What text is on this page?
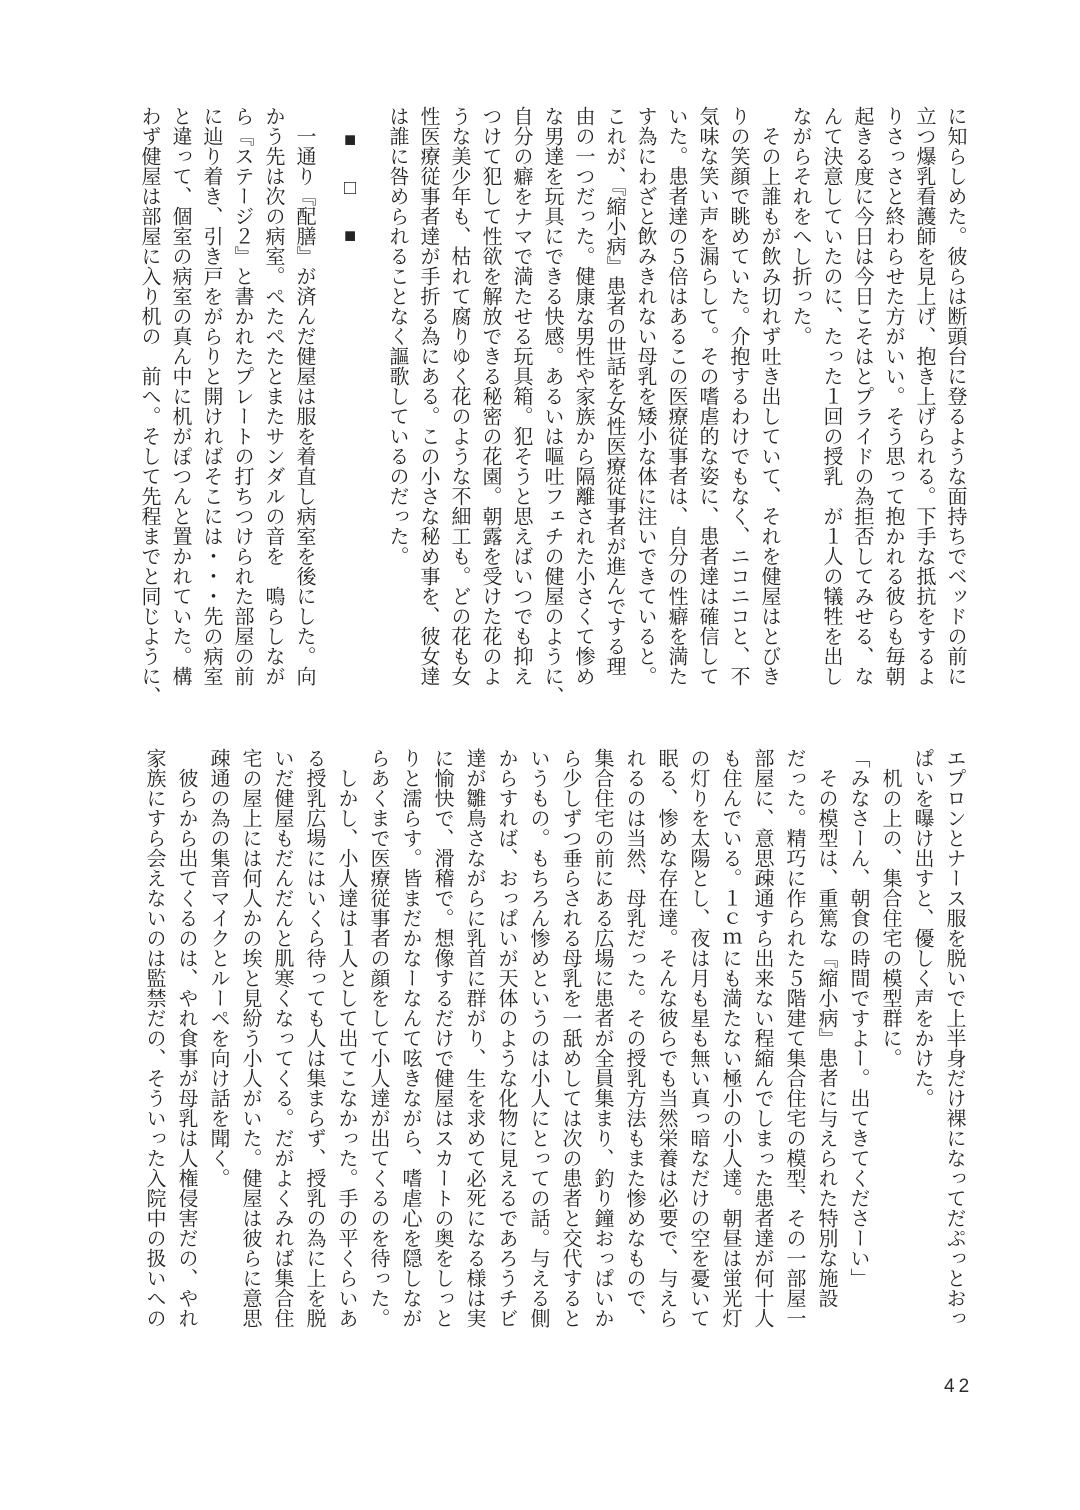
に知らしめた。彼らは断頭台に登るような面持ちでベッドの前に
立つ爆乳看護師を見上げ、抱き上げられる。下手な抵抗をするよ
りさっさと終わらせた方がいい。そう思って抱かれる彼らも毎朝
起きる度に今日は今日こそはとプライドの為拒否してみせる、な
んて決意していたのに、たった１回の授乳　が１人の犠牲を出し
ながらそれをへし折った。
　その上誰もが飲み切れず吐き出していて、それを健屋はとびき
りの笑顔で眺めていた。介抱するわけでもなく、ニコニコと、不
気味な笑い声を漏らして。その嗜虐的な姿に、患者達は確信して
いた。患者達の５倍はあるこの医療従事者は、自分の性癖を満た
す為にわざと飲みきれない母乳を矮小な体に注いできていると。
これが、『縮小病』患者の世話を女性医療従事者が進んでする理
由の一つだった。健康な男性や家族から隔離された小さくて惨め
な男達を玩具にできる快感。あるいは嘔吐フェチの健屋のように、
自分の癖をナマで満たせる玩具箱。犯そうと思えばいつでも抑え
つけて犯して性欲を解放できる秘密の花園。朝露を受けた花のよ
うな美少年も、枯れて腐りゆく花のような不細工も。どの花も女
性医療従事者達が手折る為にある。この小さな秘め事を、彼女達
は誰に咎められることなく謳歌しているのだった。
　■　□　■
　一通り『配膳』が済んだ健屋は服を着直し病室を後にした。向
かう先は次の病室。ぺたぺたとまたサンダルの音を　鳴らしなが
ら『ステージ２』と書かれたプレートの打ちつけられた部屋の前
に辿り着き、引き戸をがらりと開ければそこには・・・先の病室
と違って、個室の病室の真ん中に机がぽつんと置かれていた。構
わず健屋は部屋に入り机の　前へ。そして先程までと同じように、
エプロンとナース服を脱いで上半身だけ裸になってだぷっとおっ
ぱいを曝け出すと、優しく声をかけた。
　机の上の、集合住宅の模型群に。
「みなさーん、朝食の時間ですよー。出てきてくださーい」
　その模型は、重篤な『縮小病』患者に与えられた特別な施設
だった。精巧に作られた５階建て集合住宅の模型、その一部屋一
部屋に、意思疎通すら出来ない程縮んでしまった患者達が何十人
も住んでいる。１ｃｍにも満たない極小の小人達。朝昼は蛍光灯
の灯りを太陽とし、夜は月も星も無い真っ暗なだけの空を憂いて
眠る、惨めな存在達。そんな彼らでも当然栄養は必要で、与えら
れるのは当然、母乳だった。その授乳方法もまた惨めなもので、
集合住宅の前にある広場に患者が全員集まり、釣り鐘おっぱいか
ら少しずつ垂らされる母乳を一舐めしては次の患者と交代すると
いうもの。もちろん惨めというのは小人にとっての話。与える側
からすれば、おっぱいが天体のような化物に見えるであろうチビ
達が雛鳥さながらに乳首に群がり、生を求めて必死になる様は実
に愉快で、滑稽で。想像するだけで健屋はスカートの奥をしっと
りと濡らす。皆まだかなーなんて呟きながら、嗜虐心を隠しなが
らあくまで医療従事者の顔をして小人達が出てくるのを待った。
　しかし、小人達は１人として出てこなかった。手の平くらいあ
る授乳広場にはいくら待っても人は集まらず、授乳の為に上を脱
いだ健屋もだんだんと肌寒くなってくる。だがよくみれば集合住
宅の屋上には何人かの埃と見紛う小人がいた。健屋は彼らに意思
疎通の為の集音マイクとルーペを向け話を聞く。
　彼らから出てくるのは、やれ食事が母乳は人権侵害だの、やれ
家族にすら会えないのは監禁だの、そういった入院中の扱いへの
42
